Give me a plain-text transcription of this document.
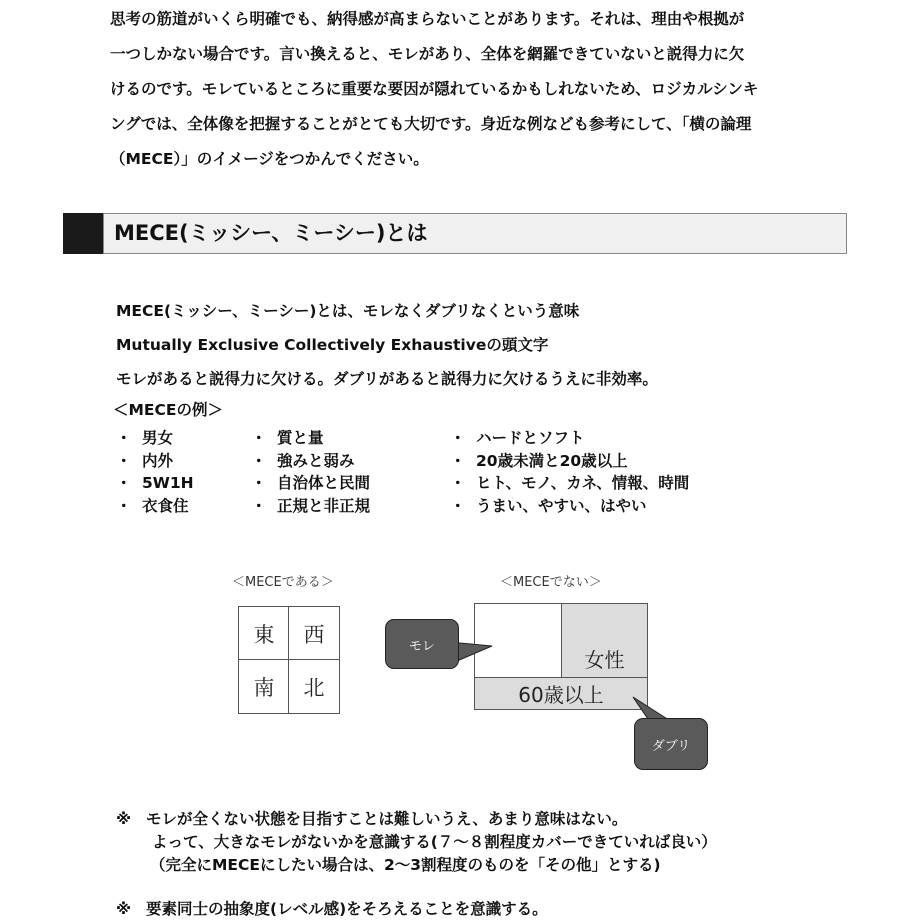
思考の筋道がいくら明確でも、納得感が高まらないことがあります。それは、理由や根拠が

一つしかない場合です。言い換えると、モレがあり、全体を網羅できていないと説得力に欠

けるのです。モレているところに重要な要因が隠れているかもしれないため、ロジカルシンキ

ングでは、全体像を把握することがとても大切です。身近な例なども参考にして、「横の論理

（MECE）」のイメージをつかんでください。

MECE(ミッシー、ミーシー)とは

MECE(ミッシー、ミーシー)とは、モレなくダブリなくという意味

Mutually Exclusive Collectively Exhaustiveの頭文字

モレがあると説得力に欠ける。ダブリがあると説得力に欠けるうえに非効率。

＜MECEの例＞
・ 男女
・ 内外
・ 5W1H
・ 衣食住
・ 質と量
・ 強みと弱み
・ 自治体と民間
・ 正規と非正規
・ ハードとソフト
・ 20歳未満と20歳以上
・ ヒト、モノ、カネ、情報、時間
・ うまい、やすい、はやい
＜MECEである＞
東	西
南	北
＜MECEでない＞
女性
60歳以上
モレ
ダブリ
※ モレが全くない状態を目指すことは難しいうえ、あまり意味はない。
よって、大きなモレがないかを意識する(７～８割程度カバーできていれば良い）
（完全にMECEにしたい場合は、2～3割程度のものを「その他」とする)
※ 要素同士の抽象度(レベル感)をそろえることを意識する。
